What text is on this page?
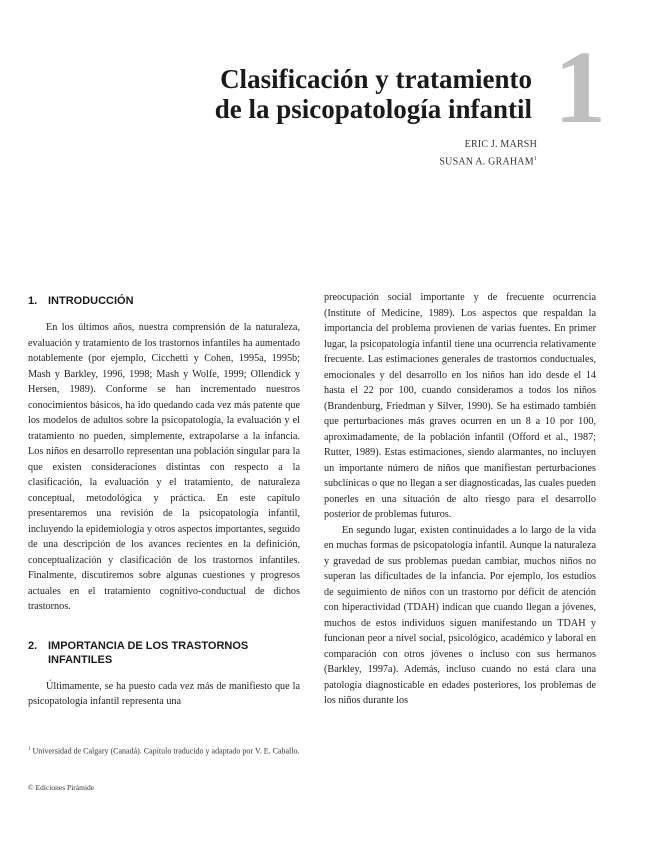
Clasificación y tratamiento
de la psicopatología infantil 1
ERIC J. MARSH
SUSAN A. GRAHAM$^1$
1. INTRODUCCIÓN

En los últimos años, nuestra comprensión de la naturaleza, evaluación y tratamiento de los trastornos infantiles ha aumentado notablemente (por ejemplo, Cicchetti y Cohen, 1995a, 1995b; Mash y Barkley, 1996, 1998; Mash y Wolfe, 1999; Ollendick y Hersen, 1989). Conforme se han incrementado nuestros conocimientos básicos, ha ido quedando cada vez más patente que los modelos de adultos sobre la psicopatología, la evaluación y el tratamiento no pueden, simplemente, extrapolarse a la infancia. Los niños en desarrollo representan una población singular para la que existen consideraciones distintas con respecto a la clasificación, la evaluación y el tratamiento, de naturaleza conceptual, metodológica y práctica. En este capítulo presentaremos una revisión de la psicopatología infantil, incluyendo la epidemiología y otros aspectos importantes, seguido de una descripción de los avances recientes en la definición, conceptualización y clasificación de los trastornos infantiles. Finalmente, discutiremos sobre algunas cuestiones y progresos actuales en el tratamiento cognitivo-conductual de dichos trastornos.

2. IMPORTANCIA DE LOS TRASTORNOS
INFANTILES

Últimamente, se ha puesto cada vez más de manifiesto que la psicopatología infantil representa una

preocupación social importante y de frecuente ocurrencia (Institute of Medicine, 1989). Los aspectos que respaldan la importancia del problema provienen de varias fuentes. En primer lugar, la psicopatología infantil tiene una ocurrencia relativamente frecuente. Las estimaciones generales de trastornos conductuales, emocionales y del desarrollo en los niños han ido desde el 14 hasta el 22 por 100, cuando consideramos a todos los niños (Brandenburg, Friedman y Silver, 1990). Se ha estimado también que perturbaciones más graves ocurren en un 8 a 10 por 100, aproximadamente, de la población infantil (Offord et al., 1987; Rutter, 1989). Estas estimaciones, siendo alarmantes, no incluyen un importante número de niños que manifiestan perturbaciones subclínicas o que no llegan a ser diagnosticadas, las cuales pueden ponerles en una situación de alto riesgo para el desarrollo posterior de problemas futuros.

En segundo lugar, existen continuidades a lo largo de la vida en muchas formas de psicopatología infantil. Aunque la naturaleza y gravedad de sus problemas puedan cambiar, muchos niños no superan las dificultades de la infancia. Por ejemplo, los estudios de seguimiento de niños con un trastorno por déficit de atención con hiperactividad (TDAH) indican que cuando llegan a jóvenes, muchos de estos individuos siguen manifestando un TDAH y funcionan peor a nivel social, psicológico, académico y laboral en comparación con otros jóvenes o incluso con sus hermanos (Barkley, 1997a). Además, incluso cuando no está clara una patología diagnosticable en edades posteriores, los problemas de los niños durante los

$^1$ Universidad de Calgary (Canadá). Capítulo traducido y adaptado por V. E. Caballo.
© Ediciones Pirámide
